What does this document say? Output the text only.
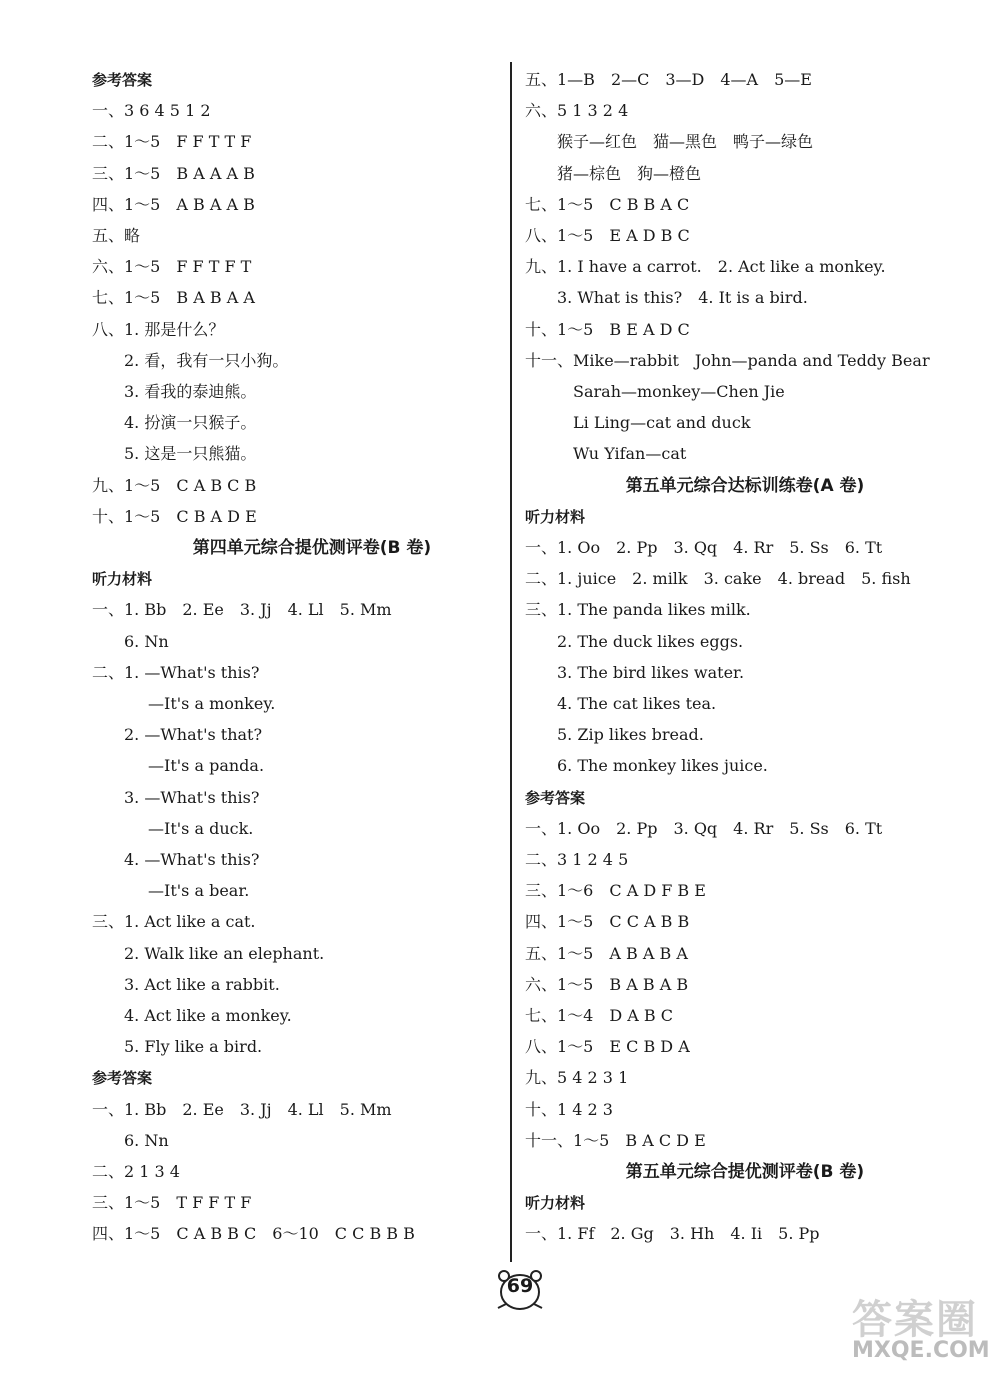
参考答案
一、3 6 4 5 1 2
二、1～5　F F T T F
三、1～5　B A A A B
四、1～5　A B A A B
五、略
六、1～5　F F T F T
七、1～5　B A B A A
八、1. 那是什么？
2. 看，我有一只小狗。
3. 看我的泰迪熊。
4. 扮演一只猴子。
5. 这是一只熊猫。
九、1～5　C A B C B
十、1～5　C B A D E
第四单元综合提优测评卷(B 卷)
听力材料
一、1. Bb　2. Ee　3. Jj　4. Ll　5. Mm
6. Nn
二、1. —What's this?
—It's a monkey.
2. —What's that?
—It's a panda.
3. —What's this?
—It's a duck.
4. —What's this?
—It's a bear.
三、1. Act like a cat.
2. Walk like an elephant.
3. Act like a rabbit.
4. Act like a monkey.
5. Fly like a bird.
参考答案
一、1. Bb　2. Ee　3. Jj　4. Ll　5. Mm
6. Nn
二、2 1 3 4
三、1～5　T F F T F
四、1～5　C A B B C　6～10　C C B B B
五、1—B　2—C　3—D　4—A　5—E
六、5 1 3 2 4
猴子—红色　猫—黑色　鸭子—绿色
猪—棕色　狗—橙色
七、1～5　C B B A C
八、1～5　E A D B C
九、1. I have a carrot.　2. Act like a monkey.
3. What is this?　4. It is a bird.
十、1～5　B E A D C
十一、Mike—rabbit　John—panda and Teddy Bear
Sarah—monkey—Chen Jie
Li Ling—cat and duck
Wu Yifan—cat
第五单元综合达标训练卷(A 卷)
听力材料
一、1. Oo　2. Pp　3. Qq　4. Rr　5. Ss　6. Tt
二、1. juice　2. milk　3. cake　4. bread　5. fish
三、1. The panda likes milk.
2. The duck likes eggs.
3. The bird likes water.
4. The cat likes tea.
5. Zip likes bread.
6. The monkey likes juice.
参考答案
一、1. Oo　2. Pp　3. Qq　4. Rr　5. Ss　6. Tt
二、3 1 2 4 5
三、1～6　C A D F B E
四、1～5　C C A B B
五、1～5　A B A B A
六、1～5　B A B A B
七、1～4　D A B C
八、1～5　E C B D A
九、5 4 2 3 1
十、1 4 2 3
十一、1～5　B A C D E
第五单元综合提优测评卷(B 卷)
听力材料
一、1. Ff　2. Gg　3. Hh　4. Ii　5. Pp
69
答案圈
MXQE.COM
